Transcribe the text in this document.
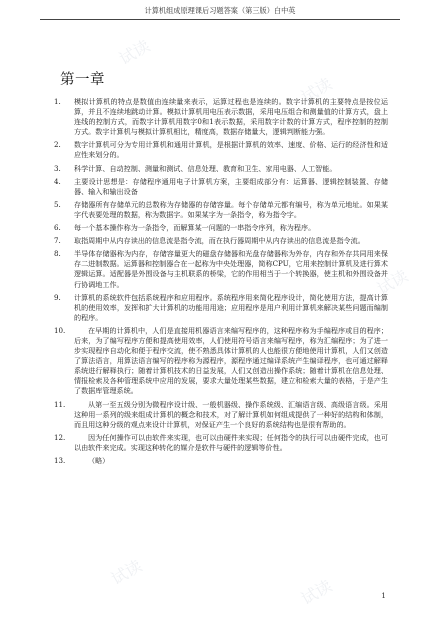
试读
试读
试读
试读
试读
计算机组成原理课后习题答案（第三版）白中英
第一章
1.	模拟计算机的特点是数值由连续量来表示，运算过程也是连续的。数字计算机的主要特点是按位运算，并且不连续地跳动计算。模拟计算机用电压表示数据，采用电压组合和测量值的计算方式，盘上连线的控制方式，而数字计算机用数字0和1表示数据，采用数字计数的计算方式，程序控制的控制方式。数字计算机与模拟计算机相比，精度高，数据存储量大，逻辑判断能力强。
2.	数字计算机可分为专用计算机和通用计算机，是根据计算机的效率、速度、价格、运行的经济性和适应性来划分的。
3.	科学计算、自动控制、测量和测试、信息处理、教育和卫生、家用电器、人工智能。
4.	主要设计思想是：存储程序通用电子计算机方案，主要组成部分有：运算器、逻辑控制装置、存储器、输入和输出设备
5.	存储器所有存储单元的总数称为存储器的存储容量。每个存储单元都有编号，称为单元地址。如果某字代表要处理的数据，称为数据字。如果某字为一条指令，称为指令字。
6.	每一个基本操作称为一条指令，而解算某一问题的一串指令序列，称为程序。
7.	取指周期中从内存读出的信息流是指令流，而在执行器周期中从内存读出的信息流是指令流。
8.	半导体存储器称为内存，存储容量更大的磁盘存储器和光盘存储器称为外存，内存和外存共同用来保存二进制数据。运算器和控制器合在一起称为中央处理器，简称CPU，它用来控制计算机及进行算术逻辑运算。适配器是外围设备与主机联系的桥梁，它的作用相当于一个转换器，使主机和外围设备并行协调地工作。
9.	计算机的系统软件包括系统程序和应用程序。系统程序用来简化程序设计，简化使用方法，提高计算机的使用效率，发挥和扩大计算机的功能用用途；应用程序是用户利用计算机来解决某些问题而编制的程序。
10.	在早期的计算机中，人们是直接用机器语言来编写程序的，这种程序称为手编程序或目的程序；后来，为了编写程序方便和提高使用效率，人们使用符号语言来编写程序，称为汇编程序；为了进一步实现程序自动化和便于程序交流，使不熟悉具体计算机的人也能很方便地使用计算机，人们又创造了算法语言，用算法语言编写的程序称为源程序，源程序通过编译系统产生编译程序，也可通过解释系统进行解释执行；随着计算机技术的日益发展，人们又创造出操作系统；随着计算机在信息处理、情报检索及各种管理系统中应用的发展，要求大量处理某些数据，建立和检索大量的表格，于是产生了数据库管理系统。
11.	从第一至五级分别为微程序设计级、一般机器级、操作系统级、汇编语言级、高级语言级。采用这种用一系列的级来组成计算机的概念和技术，对了解计算机如何组成提供了一种好的结构和体制，而且用这种分级的观点来设计计算机，对保证产生一个良好的系统结构也是很有帮助的。
12.	因为任何操作可以由软件来实现，也可以由硬件来实现；任何指令的执行可以由硬件完成，也可以由软件来完成。实现这种转化的媒介是软件与硬件的逻辑等价性。
13.	（略）
1
